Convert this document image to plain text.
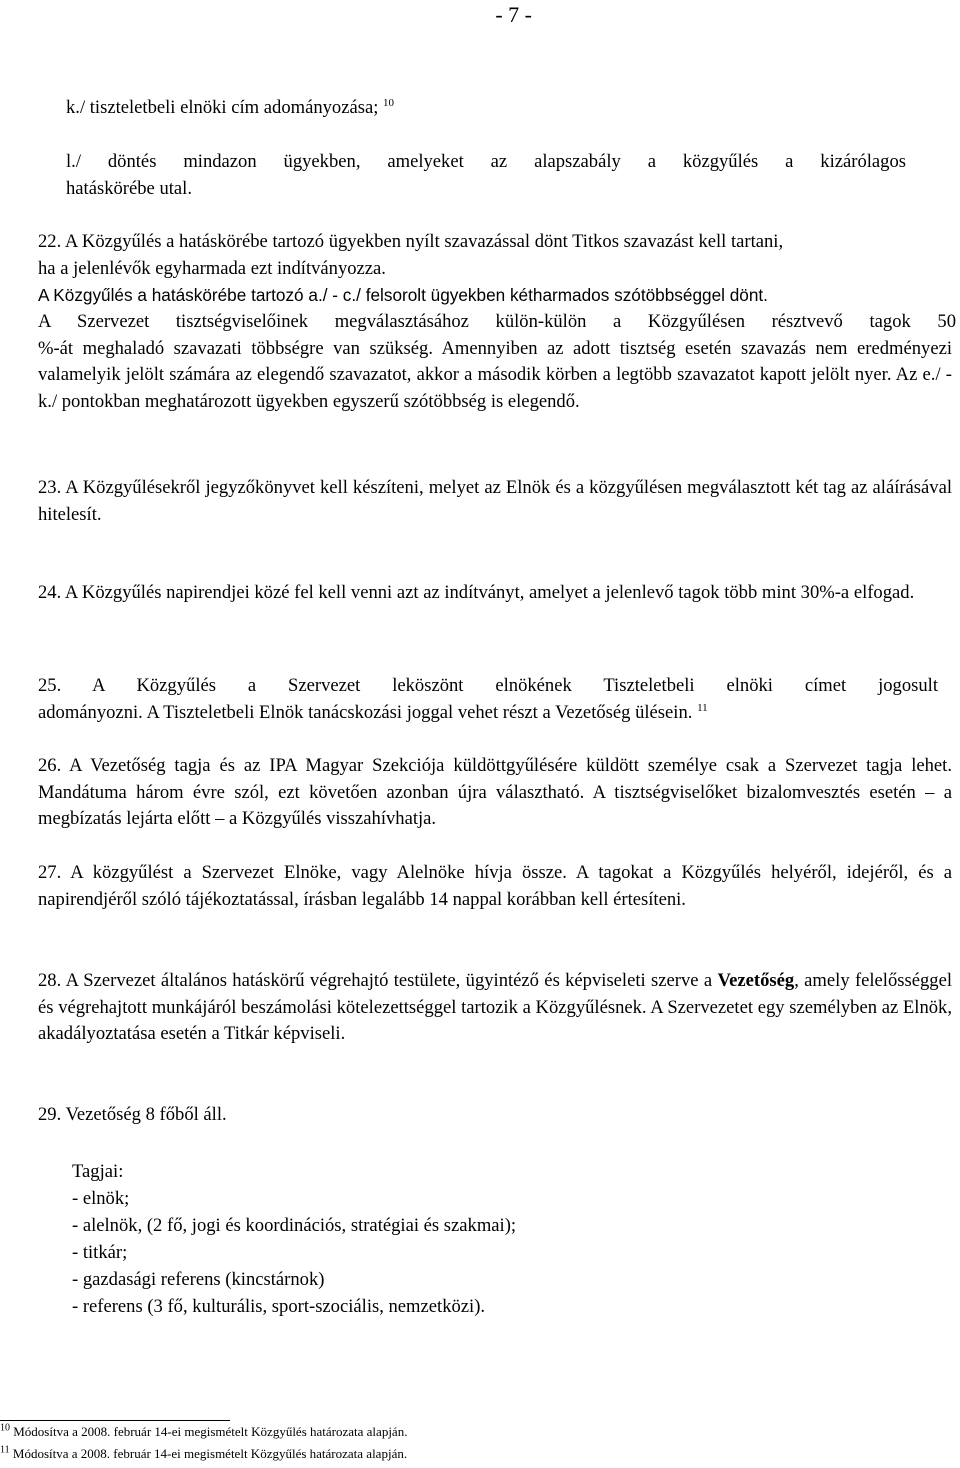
- 7 -
k./ tiszteletbeli elnöki cím adományozása; $^{10}$
l./ döntés mindazon ügyekben, amelyeket az alapszabály a közgyűlés a kizárólagos
hatáskörébe utal.
22. A Közgyűlés a hatáskörébe tartozó ügyekben nyílt szavazással dönt Titkos szavazást kell tartani,
ha a jelenlévők egyharmada ezt indítványozza.
A Közgyűlés a hatáskörébe tartozó a./ - c./ felsorolt ügyekben kétharmados szótöbbséggel dönt.
A Szervezet tisztségviselőinek megválasztásához külön-külön a Közgyűlésen résztvevő tagok 50
%-át meghaladó szavazati többségre van szükség. Amennyiben az adott tisztség esetén szavazás nem eredményezi valamelyik jelölt számára az elegendő szavazatot, akkor a második körben a legtöbb szavazatot kapott jelölt nyer. Az e./ - k./ pontokban meghatározott ügyekben egyszerű szótöbbség is elegendő.
23. A Közgyűlésekről jegyzőkönyvet kell készíteni, melyet az Elnök és a közgyűlésen megválasztott két tag az aláírásával hitelesít.
24. A Közgyűlés napirendjei közé fel kell venni azt az indítványt, amelyet a jelenlevő tagok több mint 30%-a elfogad.
25. A Közgyűlés a Szervezet leköszönt elnökének Tiszteletbeli elnöki címet jogosult
adományozni. A Tiszteletbeli Elnök tanácskozási joggal vehet részt a Vezetőség ülésein. $^{11}$
26. A Vezetőség tagja és az IPA Magyar Szekciója küldöttgyűlésére küldött személye csak a Szervezet tagja lehet. Mandátuma három évre szól, ezt követően azonban újra választható. A tisztségviselőket bizalomvesztés esetén – a megbízatás lejárta előtt – a Közgyűlés visszahívhatja.
27. A közgyűlést a Szervezet Elnöke, vagy Alelnöke hívja össze. A tagokat a Közgyűlés helyéről, idejéről, és a napirendjéről szóló tájékoztatással, írásban legalább 14 nappal korábban kell értesíteni.
28. A Szervezet általános hatáskörű végrehajtó testülete, ügyintéző és képviseleti szerve a Vezetőség, amely felelősséggel és végrehajtott munkájáról beszámolási kötelezettséggel tartozik a Közgyűlésnek. A Szervezetet egy személyben az Elnök, akadályoztatása esetén a Titkár képviseli.
29. Vezetőség 8 főből áll.
Tagjai:
- elnök;
- alelnök, (2 fő, jogi és koordinációs, stratégiai és szakmai);
- titkár;
- gazdasági referens (kincstárnok)
- referens (3 fő, kulturális, sport-szociális, nemzetközi).
$^{10}$ Módosítva a 2008. február 14-ei megismételt Közgyűlés határozata alapján.
$^{11}$ Módosítva a 2008. február 14-ei megismételt Közgyűlés határozata alapján.
